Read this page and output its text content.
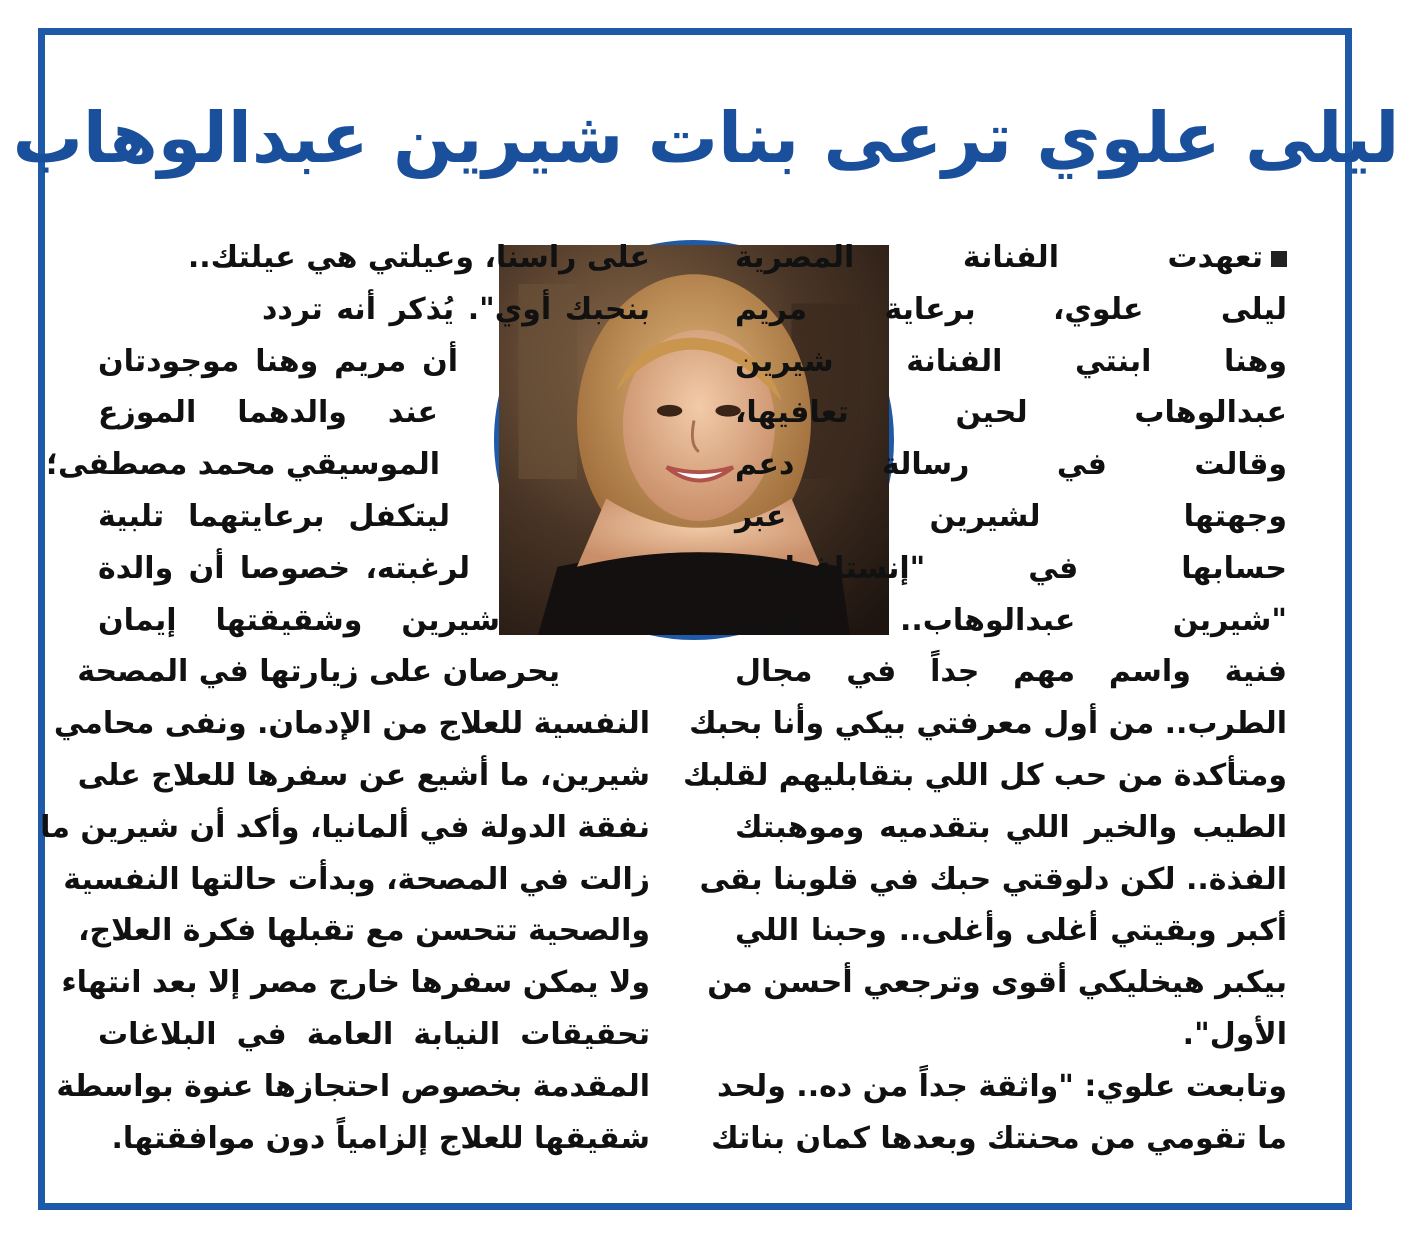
ليلى علوي ترعى بنات شيرين عبدالوهاب
تعهدت الفنانة المصرية
ليلى علوي، برعاية مريم
وهنا ابنتي الفنانة شيرين
عبدالوهاب لحين تعافيها،
وقالت في رسالة دعم
وجهتها لشيرين عبر
حسابها في "إنستاغرام":
"شيرين عبدالوهاب.. قامة
فنية واسم مهم جداً في مجال
الطرب.. من أول معرفتي بيكي وأنا بحبك
ومتأكدة من حب كل اللي بتقابليهم لقلبك
الطيب والخير اللي بتقدميه وموهبتك
الفذة.. لكن دلوقتي حبك في قلوبنا بقى
أكبر وبقيتي أغلى وأغلى.. وحبنا اللي
بيكبر هيخليكي أقوى وترجعي أحسن من
الأول".
وتابعت علوي: "واثقة جداً من ده.. ولحد
ما تقومي من محنتك وبعدها كمان بناتك
على راسنا، وعيلتي هي عيلتك..
بنحبك أوي". يُذكر أنه تردد
أن مريم وهنا موجودتان
عند والدهما الموزع
الموسيقي محمد مصطفى؛
ليتكفل برعايتهما تلبية
لرغبته، خصوصا أن والدة
شيرين وشقيقتها إيمان
يحرصان على زيارتها في المصحة
النفسية للعلاج من الإدمان. ونفى محامي
شيرين، ما أشيع عن سفرها للعلاج على
نفقة الدولة في ألمانيا، وأكد أن شيرين ما
زالت في المصحة، وبدأت حالتها النفسية
والصحية تتحسن مع تقبلها فكرة العلاج،
ولا يمكن سفرها خارج مصر إلا بعد انتهاء
تحقيقات النيابة العامة في البلاغات
المقدمة بخصوص احتجازها عنوة بواسطة
شقيقها للعلاج إلزامياً دون موافقتها.
